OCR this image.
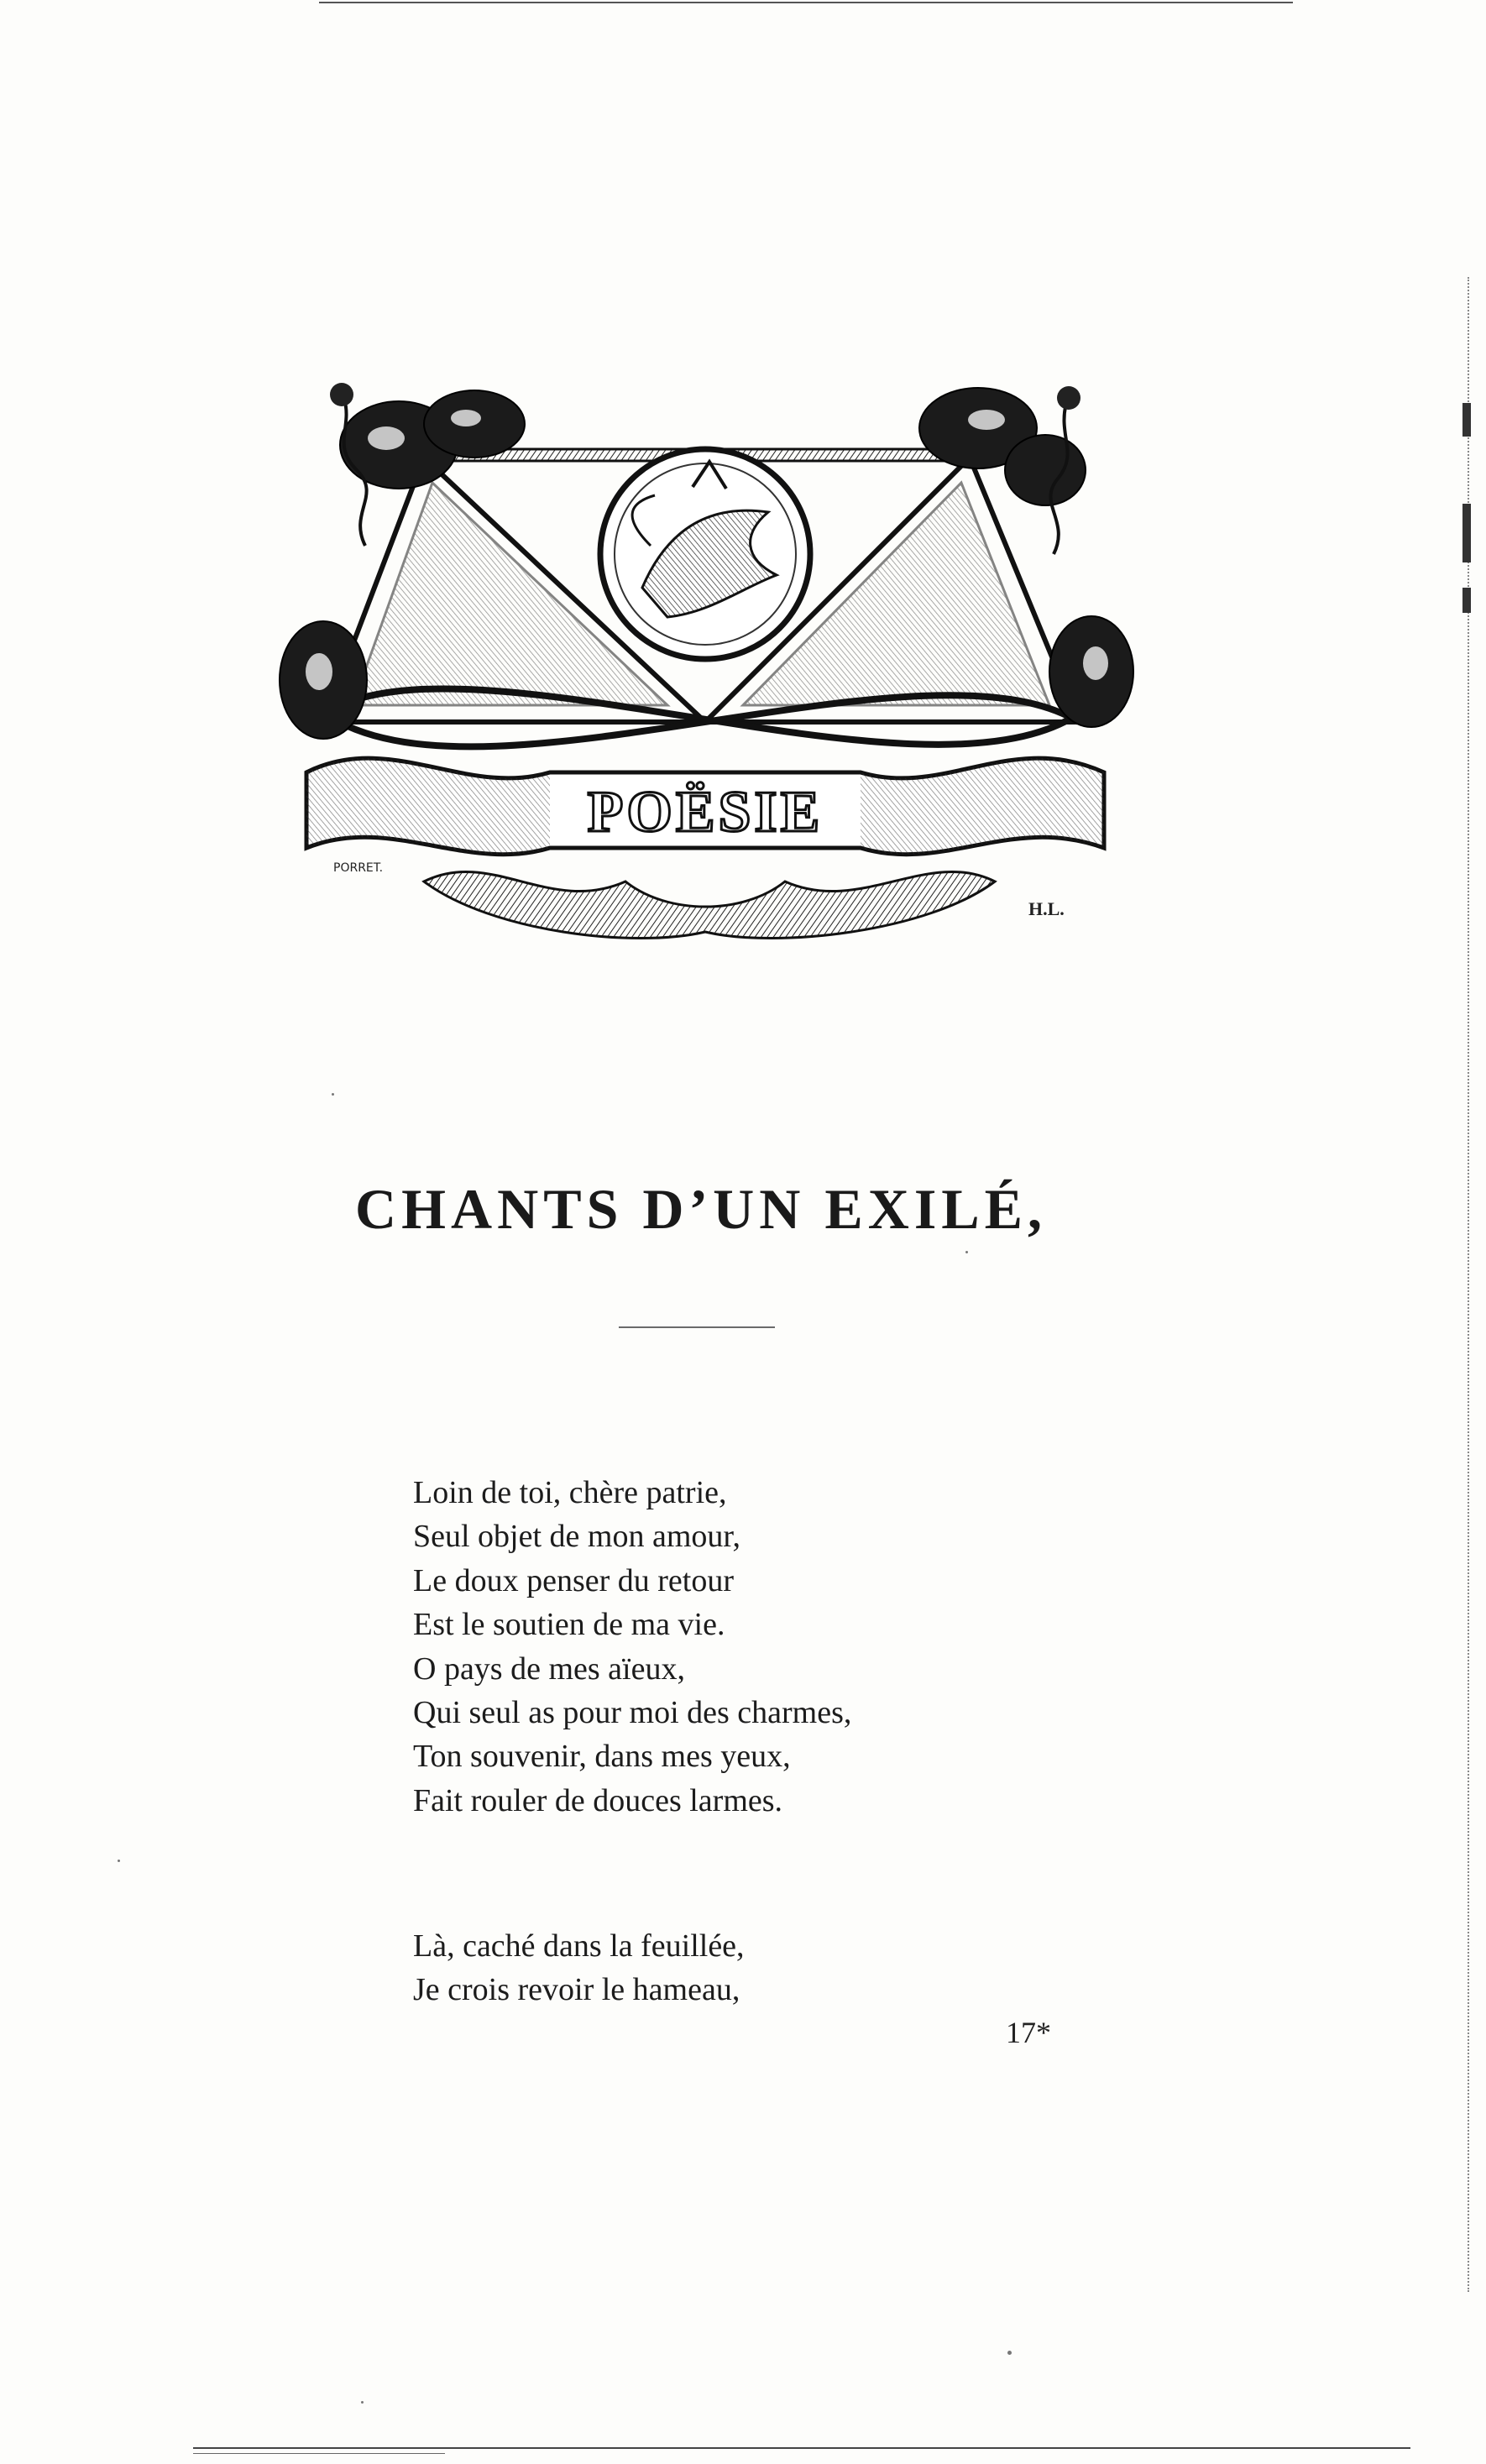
POËSIE
PORRET.
H.L.
CHANTS D’UN EXILÉ,
Loin de toi, chère patrie,
Seul objet de mon amour,
Le doux penser du retour
Est le soutien de ma vie.
O pays de mes aïeux,
Qui seul as pour moi des charmes,
Ton souvenir, dans mes yeux,
Fait rouler de douces larmes.
Là, caché dans la feuillée,
Je crois revoir le hameau,
17*
